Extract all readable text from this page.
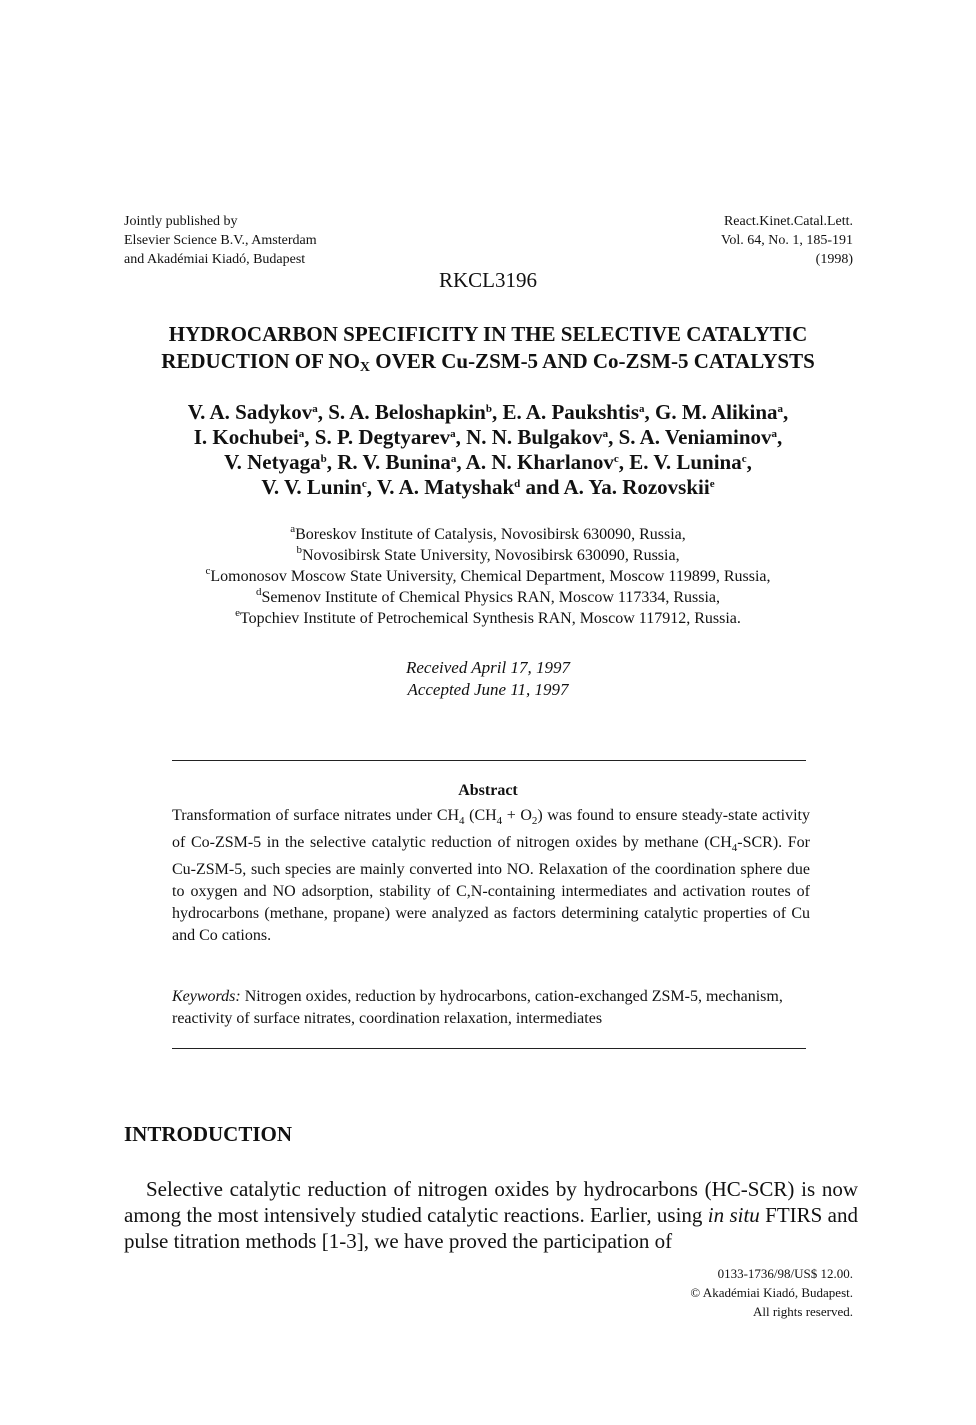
Jointly published by
Elsevier Science B.V., Amsterdam
and Akadémiai Kiadó, Budapest
React.Kinet.Catal.Lett.
Vol. 64, No. 1, 185-191
(1998)
RKCL3196
HYDROCARBON SPECIFICITY IN THE SELECTIVE CATALYTIC
REDUCTION OF $NO_X$ OVER Cu-ZSM-5 AND Co-ZSM-5 CATALYSTS
V. A. Sadykov$^a$, S. A. Beloshapkin$^b$, E. A. Paukshtis$^a$, G. M. Alikina$^a$,
I. Kochubei$^a$, S. P. Degtyarev$^a$, N. N. Bulgakov$^a$, S. A. Veniaminov$^a$,
V. Netyaga$^b$, R. V. Bunina$^a$, A. N. Kharlanov$^c$, E. V. Lunina$^c$,
V. V. Lunin$^c$, V. A. Matyshak$^d$ and A. Ya. Rozovskii$^e$
$^a$Boreskov Institute of Catalysis, Novosibirsk 630090, Russia,
$^b$Novosibirsk State University, Novosibirsk 630090, Russia,
$^c$Lomonosov Moscow State University, Chemical Department, Moscow 119899, Russia,
$^d$Semenov Institute of Chemical Physics RAN, Moscow 117334, Russia,
$^e$Topchiev Institute of Petrochemical Synthesis RAN, Moscow 117912, Russia.
Received April 17, 1997
Accepted June 11, 1997
Abstract
Transformation of surface nitrates under $CH_4$ $(CH_4 + O_2)$ was found to ensure steady-state activity of Co-ZSM-5 in the selective catalytic reduction of nitrogen oxides by methane $(CH_4-SCR)$. For Cu-ZSM-5, such species are mainly converted into NO. Relaxation of the coordination sphere due to oxygen and NO adsorption, stability of C,N-containing intermediates and activation routes of hydrocarbons (methane, propane) were analyzed as factors determining catalytic properties of Cu and Co cations.
Keywords: Nitrogen oxides, reduction by hydrocarbons, cation-exchanged ZSM-5, mechanism, reactivity of surface nitrates, coordination relaxation, intermediates
INTRODUCTION
Selective catalytic reduction of nitrogen oxides by hydrocarbons (HC-SCR) is now among the most intensively studied catalytic reactions. Earlier, using in situ FTIRS and pulse titration methods [1-3], we have proved the participation of
0133-1736/98/US$ 12.00.
© Akadémiai Kiadó, Budapest.
All rights reserved.
